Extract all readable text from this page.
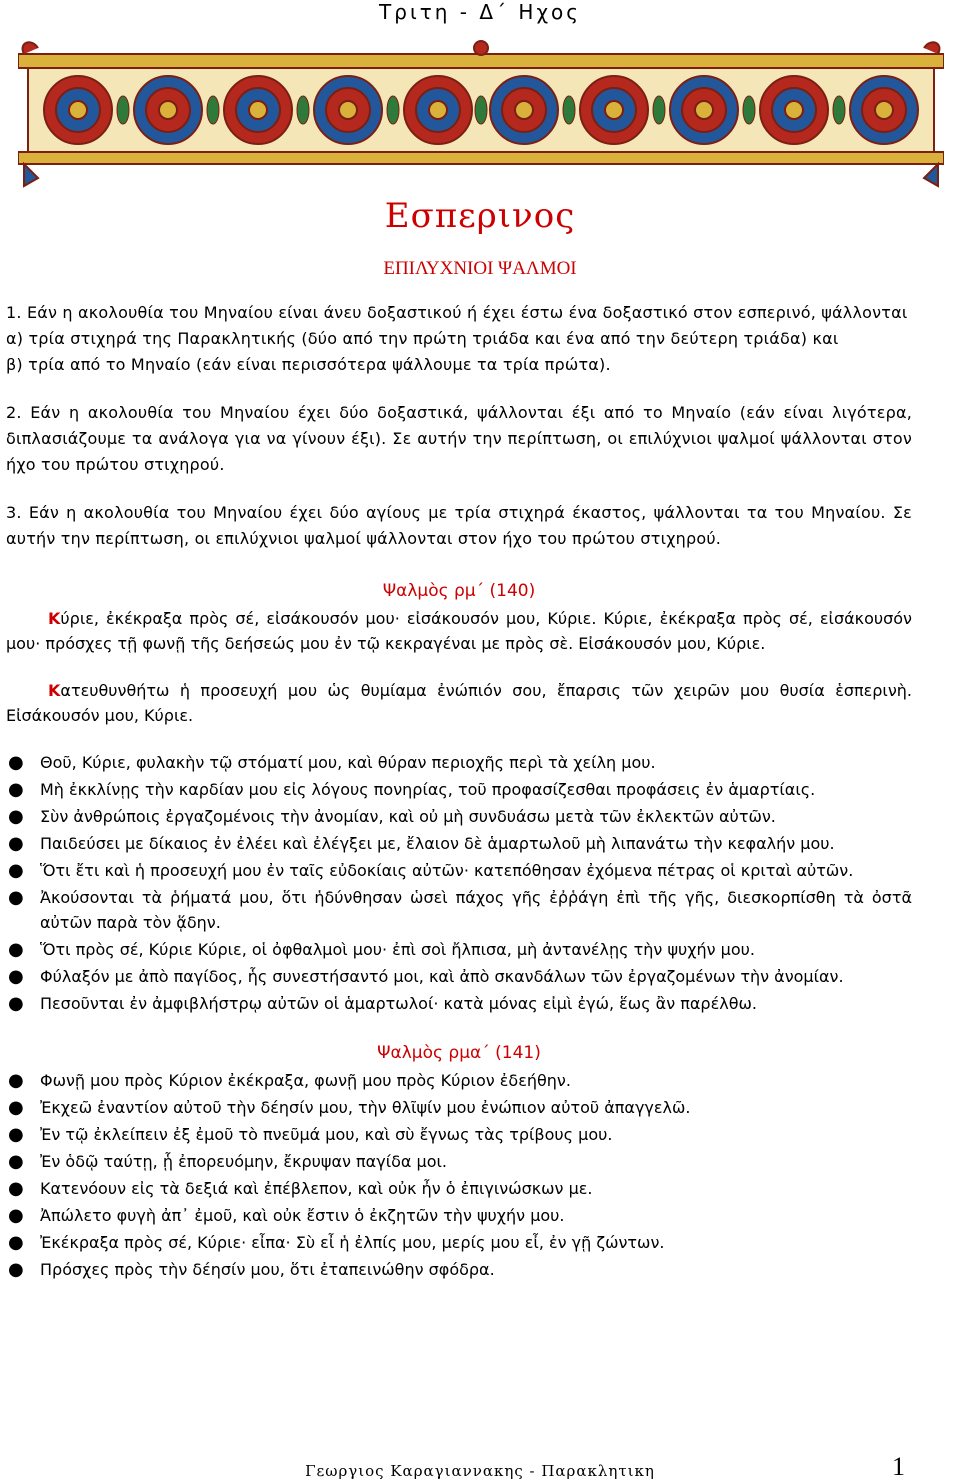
Τριτη - Δ΄ Ηχος
Εσπερινος
ΕΠΙΛΥΧΝΙΟΙ ΨΑΛΜΟΙ

1. Εάν η ακολουθία του Μηναίου είναι άνευ δοξαστικού ή έχει έστω ένα δοξαστικό στον εσπερινό, ψάλλονται

α) τρία στιχηρά της Παρακλητικής (δύο από την πρώτη τριάδα και ένα από την δεύτερη τριάδα) και

β) τρία από το Μηναίο (εάν είναι περισσότερα ψάλλουμε τα τρία πρώτα).

2. Εάν η ακολουθία του Μηναίου έχει δύο δοξαστικά, ψάλλονται έξι από το Μηναίο (εάν είναι λιγότερα, διπλασιάζουμε τα ανάλογα για να γίνουν έξι). Σε αυτήν την περίπτωση, οι επιλύχνιοι ψαλμοί ψάλλονται στον ήχο του πρώτου στιχηρού.

3. Εάν η ακολουθία του Μηναίου έχει δύο αγίους με τρία στιχηρά έκαστος, ψάλλονται τα του Μηναίου. Σε αυτήν την περίπτωση, οι επιλύχνιοι ψαλμοί ψάλλονται στον ήχο του πρώτου στιχηρού.

Ψαλμὸς ρμ΄ (140)

Κύριε, ἐκέκραξα πρὸς σέ, εἰσάκουσόν μου· εἰσάκουσόν μου, Κύριε. Κύριε, ἐκέκραξα πρὸς σέ, εἰσάκουσόν μου· πρόσχες τῇ φωνῇ τῆς δεήσεώς μου ἐν τῷ κεκραγέναι με πρὸς σὲ. Εἰσάκουσόν μου, Κύριε.

Κατευθυνθήτω ἡ προσευχή μου ὡς θυμίαμα ἐνώπιόν σου, ἔπαρσις τῶν χειρῶν μου θυσία ἑσπερινὴ. Εἰσάκουσόν μου, Κύριε.

● Θοῦ, Κύριε, φυλακὴν τῷ στόματί μου, καὶ θύραν περιοχῆς περὶ τὰ χείλη μου.
● Μὴ ἐκκλίνῃς τὴν καρδίαν μου εἰς λόγους πονηρίας, τοῦ προφασίζεσθαι προφάσεις ἐν ἁμαρτίαις.
● Σὺν ἀνθρώποις ἐργαζομένοις τὴν ἀνομίαν, καὶ οὐ μὴ συνδυάσω μετὰ τῶν ἐκλεκτῶν αὐτῶν.
● Παιδεύσει με δίκαιος ἐν ἐλέει καὶ ἐλέγξει με, ἔλαιον δὲ ἁμαρτωλοῦ μὴ λιπανάτω τὴν κεφαλήν μου.
● Ὅτι ἔτι καὶ ἡ προσευχή μου ἐν ταῖς εὐδοκίαις αὐτῶν· κατεπόθησαν ἐχόμενα πέτρας οἱ κριταὶ αὐτῶν.
● Ἀκούσονται τὰ ῥήματά μου, ὅτι ἡδύνθησαν ὡσεὶ πάχος γῆς ἐῤῥάγη ἐπὶ τῆς γῆς, διεσκορπίσθη τὰ ὀστᾶ αὐτῶν παρὰ τὸν ᾅδην.
● Ὅτι πρὸς σέ, Κύριε Κύριε, οἱ ὀφθαλμοὶ μου· ἐπὶ σοὶ ἤλπισα, μὴ ἀντανέλῃς τὴν ψυχήν μου.
● Φύλαξόν με ἀπὸ παγίδος, ἧς συνεστήσαντό μοι, καὶ ἀπὸ σκανδάλων τῶν ἐργαζομένων τὴν ἀνομίαν.
● Πεσοῦνται ἐν ἀμφιβλήστρῳ αὐτῶν οἱ ἁμαρτωλοί· κατὰ μόνας εἰμὶ ἐγώ, ἕως ἂν παρέλθω.
Ψαλμὸς ρμα΄ (141)
● Φωνῇ μου πρὸς Κύριον ἐκέκραξα, φωνῇ μου πρὸς Κύριον ἐδεήθην.
● Ἐκχεῶ ἐναντίον αὐτοῦ τὴν δέησίν μου, τὴν θλῖψίν μου ἐνώπιον αὐτοῦ ἀπαγγελῶ.
● Ἐν τῷ ἐκλείπειν ἐξ ἐμοῦ τὸ πνεῦμά μου, καὶ σὺ ἔγνως τὰς τρίβους μου.
● Ἐν ὁδῷ ταύτῃ, ᾗ ἐπορευόμην, ἔκρυψαν παγίδα μοι.
● Κατενόουν εἰς τὰ δεξιά καὶ ἐπέβλεπον, καὶ οὐκ ἦν ὁ ἐπιγινώσκων με.
● Ἀπώλετο φυγὴ ἀπ᾿ ἐμοῦ, καὶ οὐκ ἔστιν ὁ ἐκζητῶν τὴν ψυχήν μου.
● Ἐκέκραξα πρὸς σέ, Κύριε· εἶπα· Σὺ εἶ ἡ ἐλπίς μου, μερίς μου εἶ, ἐν γῇ ζώντων.
● Πρόσχες πρὸς τὴν δέησίν μου, ὅτι ἐταπεινώθην σφόδρα.
Γεωργιος Καραγιαννακης - Παρακλητικη	1
